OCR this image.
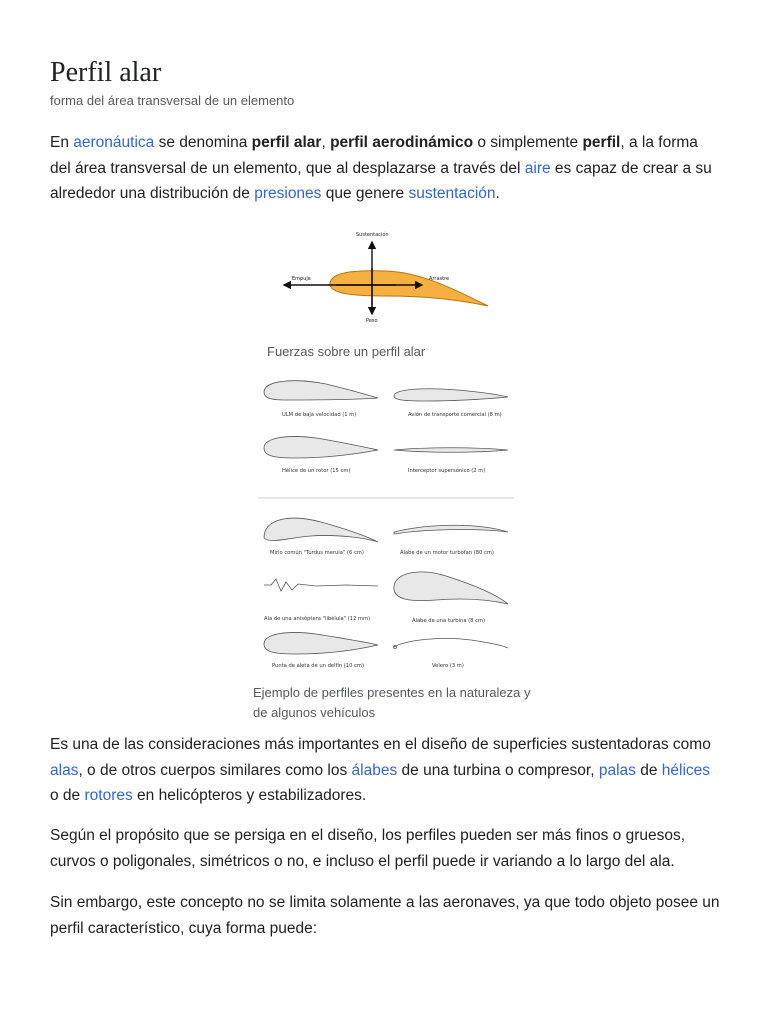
Perfil alar
forma del área transversal de un elemento

En aeronáutica se denomina perfil alar, perfil aerodinámico o simplemente perfil, a la forma del área transversal de un elemento, que al desplazarse a través del aire es capaz de crear a su alrededor una distribución de presiones que genere sustentación.

Sustentación
Empuje	Arrastre
Peso
Fuerzas sobre un perfil alar
ULM de baja velocidad (1 m)	Avión de transporte comercial (8 m)
Hélice de un rotor (15 cm)	Interceptor supersónico (2 m)
Mirlo común "Turdus merula" (6 cm)	Álabe de un motor turbofan (80 cm)
Ala de una anisóptera "libélula" (12 mm)	Álabe de una turbina (8 cm)
Punta de aleta de un delfín (10 cm)	Velero (3 m)
Ejemplo de perfiles presentes en la naturaleza y
de algunos vehículos

Es una de las consideraciones más importantes en el diseño de superficies sustentadoras como alas, o de otros cuerpos similares como los álabes de una turbina o compresor, palas de hélices o de rotores en helicópteros y estabilizadores.

Según el propósito que se persiga en el diseño, los perfiles pueden ser más finos o gruesos, curvos o poligonales, simétricos o no, e incluso el perfil puede ir variando a lo largo del ala.

Sin embargo, este concepto no se limita solamente a las aeronaves, ya que todo objeto posee un perfil característico, cuya forma puede:
